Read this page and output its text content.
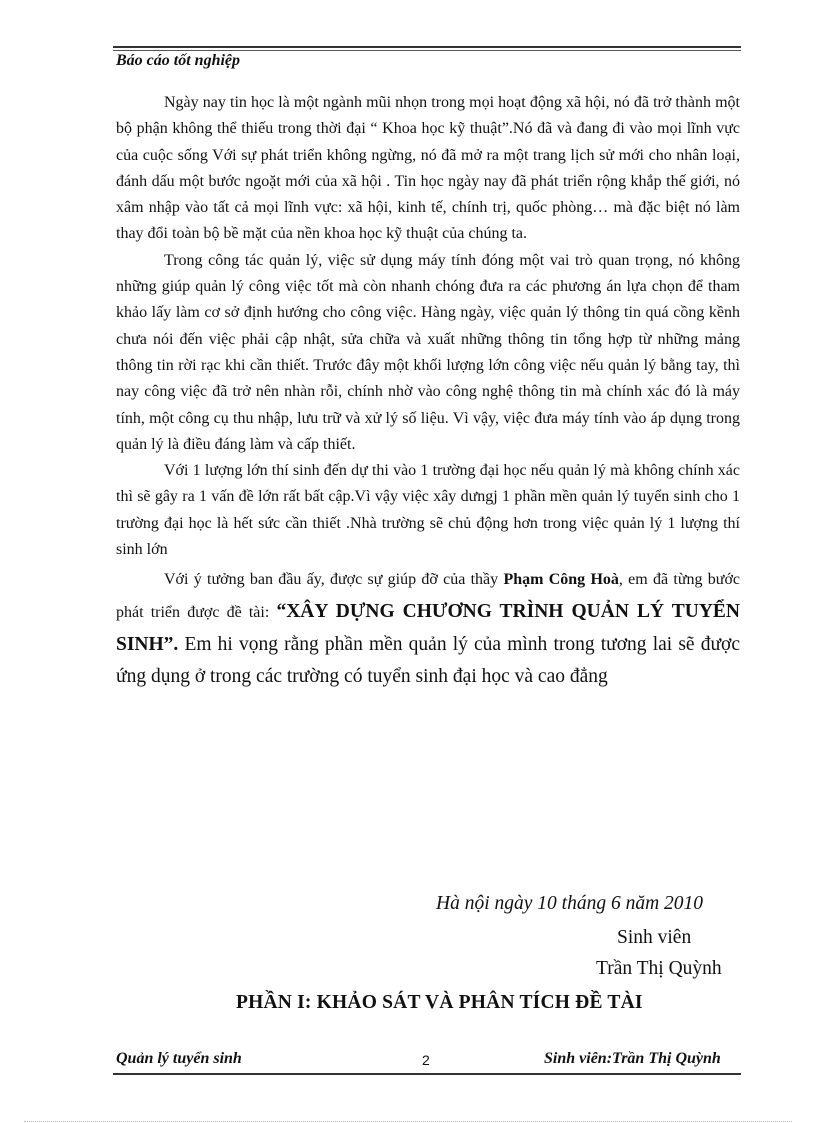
Báo cáo tốt nghiệp

Ngày nay tin học là một ngành mũi nhọn trong mọi hoạt động xã hội, nó đã trở thành một bộ phận không thể thiếu trong thời đại “ Khoa học kỹ thuật”.Nó đã và đang đi vào mọi lĩnh vực của cuộc sống Với sự phát triển không ngừng, nó đã mở ra một trang lịch sử mới cho nhân loại, đánh dấu một bước ngoặt mới của xã hội . Tin học ngày nay đã phát triển rộng khắp thế giới, nó xâm nhập vào tất cả mọi lĩnh vực: xã hội, kinh tế, chính trị, quốc phòng… mà đặc biệt nó làm thay đổi toàn bộ bề mặt của nền khoa học kỹ thuật của chúng ta.

Trong công tác quản lý, việc sử dụng máy tính đóng một vai trò quan trọng, nó không những giúp quản lý công việc tốt mà còn nhanh chóng đưa ra các phương án lựa chọn để tham khảo lấy làm cơ sở định hướng cho công việc. Hàng ngày, việc quản lý thông tin quá cồng kềnh chưa nói đến việc phải cập nhật, sửa chữa và xuất những thông tin tổng hợp từ những mảng thông tin rời rạc khi cần thiết. Trước đây một khối lượng lớn công việc nếu quản lý bằng tay, thì nay công việc đã trở nên nhàn rỗi, chính nhờ vào công nghệ thông tin mà chính xác đó là máy tính, một công cụ thu nhập, lưu trữ và xử lý số liệu. Vì vậy, việc đưa máy tính vào áp dụng trong quản lý là điều đáng làm và cấp thiết.

Với 1 lượng lớn thí sinh đến dự thi vào 1 trường đại học nếu quản lý mà không chính xác thì sẽ gây ra 1 vấn đề lớn rất bất cập.Vì vậy việc xây dưngj 1 phần mền quản lý tuyển sinh cho 1 trường đại học là hết sức cần thiết .Nhà trường sẽ chủ động hơn trong việc quản lý 1 lượng thí sinh lớn

Với ý tưởng ban đầu ấy, được sự giúp đỡ của thầy Phạm Công Hoà, em đã từng bước phát triển được đề tài: “XÂY DỰNG CHƯƠNG TRÌNH QUẢN LÝ TUYỂN SINH”. Em hi vọng rằng phần mền quản lý của mình trong tương lai sẽ được ứng dụng ở trong các trường có tuyển sinh đại học và cao đẳng

Hà nội ngày 10 tháng 6 năm 2010
Sinh viên
Trần Thị Quỳnh
PHẦN I: KHẢO SÁT VÀ PHÂN TÍCH ĐỀ TÀI
Quản lý tuyển sinh	2	Sinh viên:Trần Thị Quỳnh
